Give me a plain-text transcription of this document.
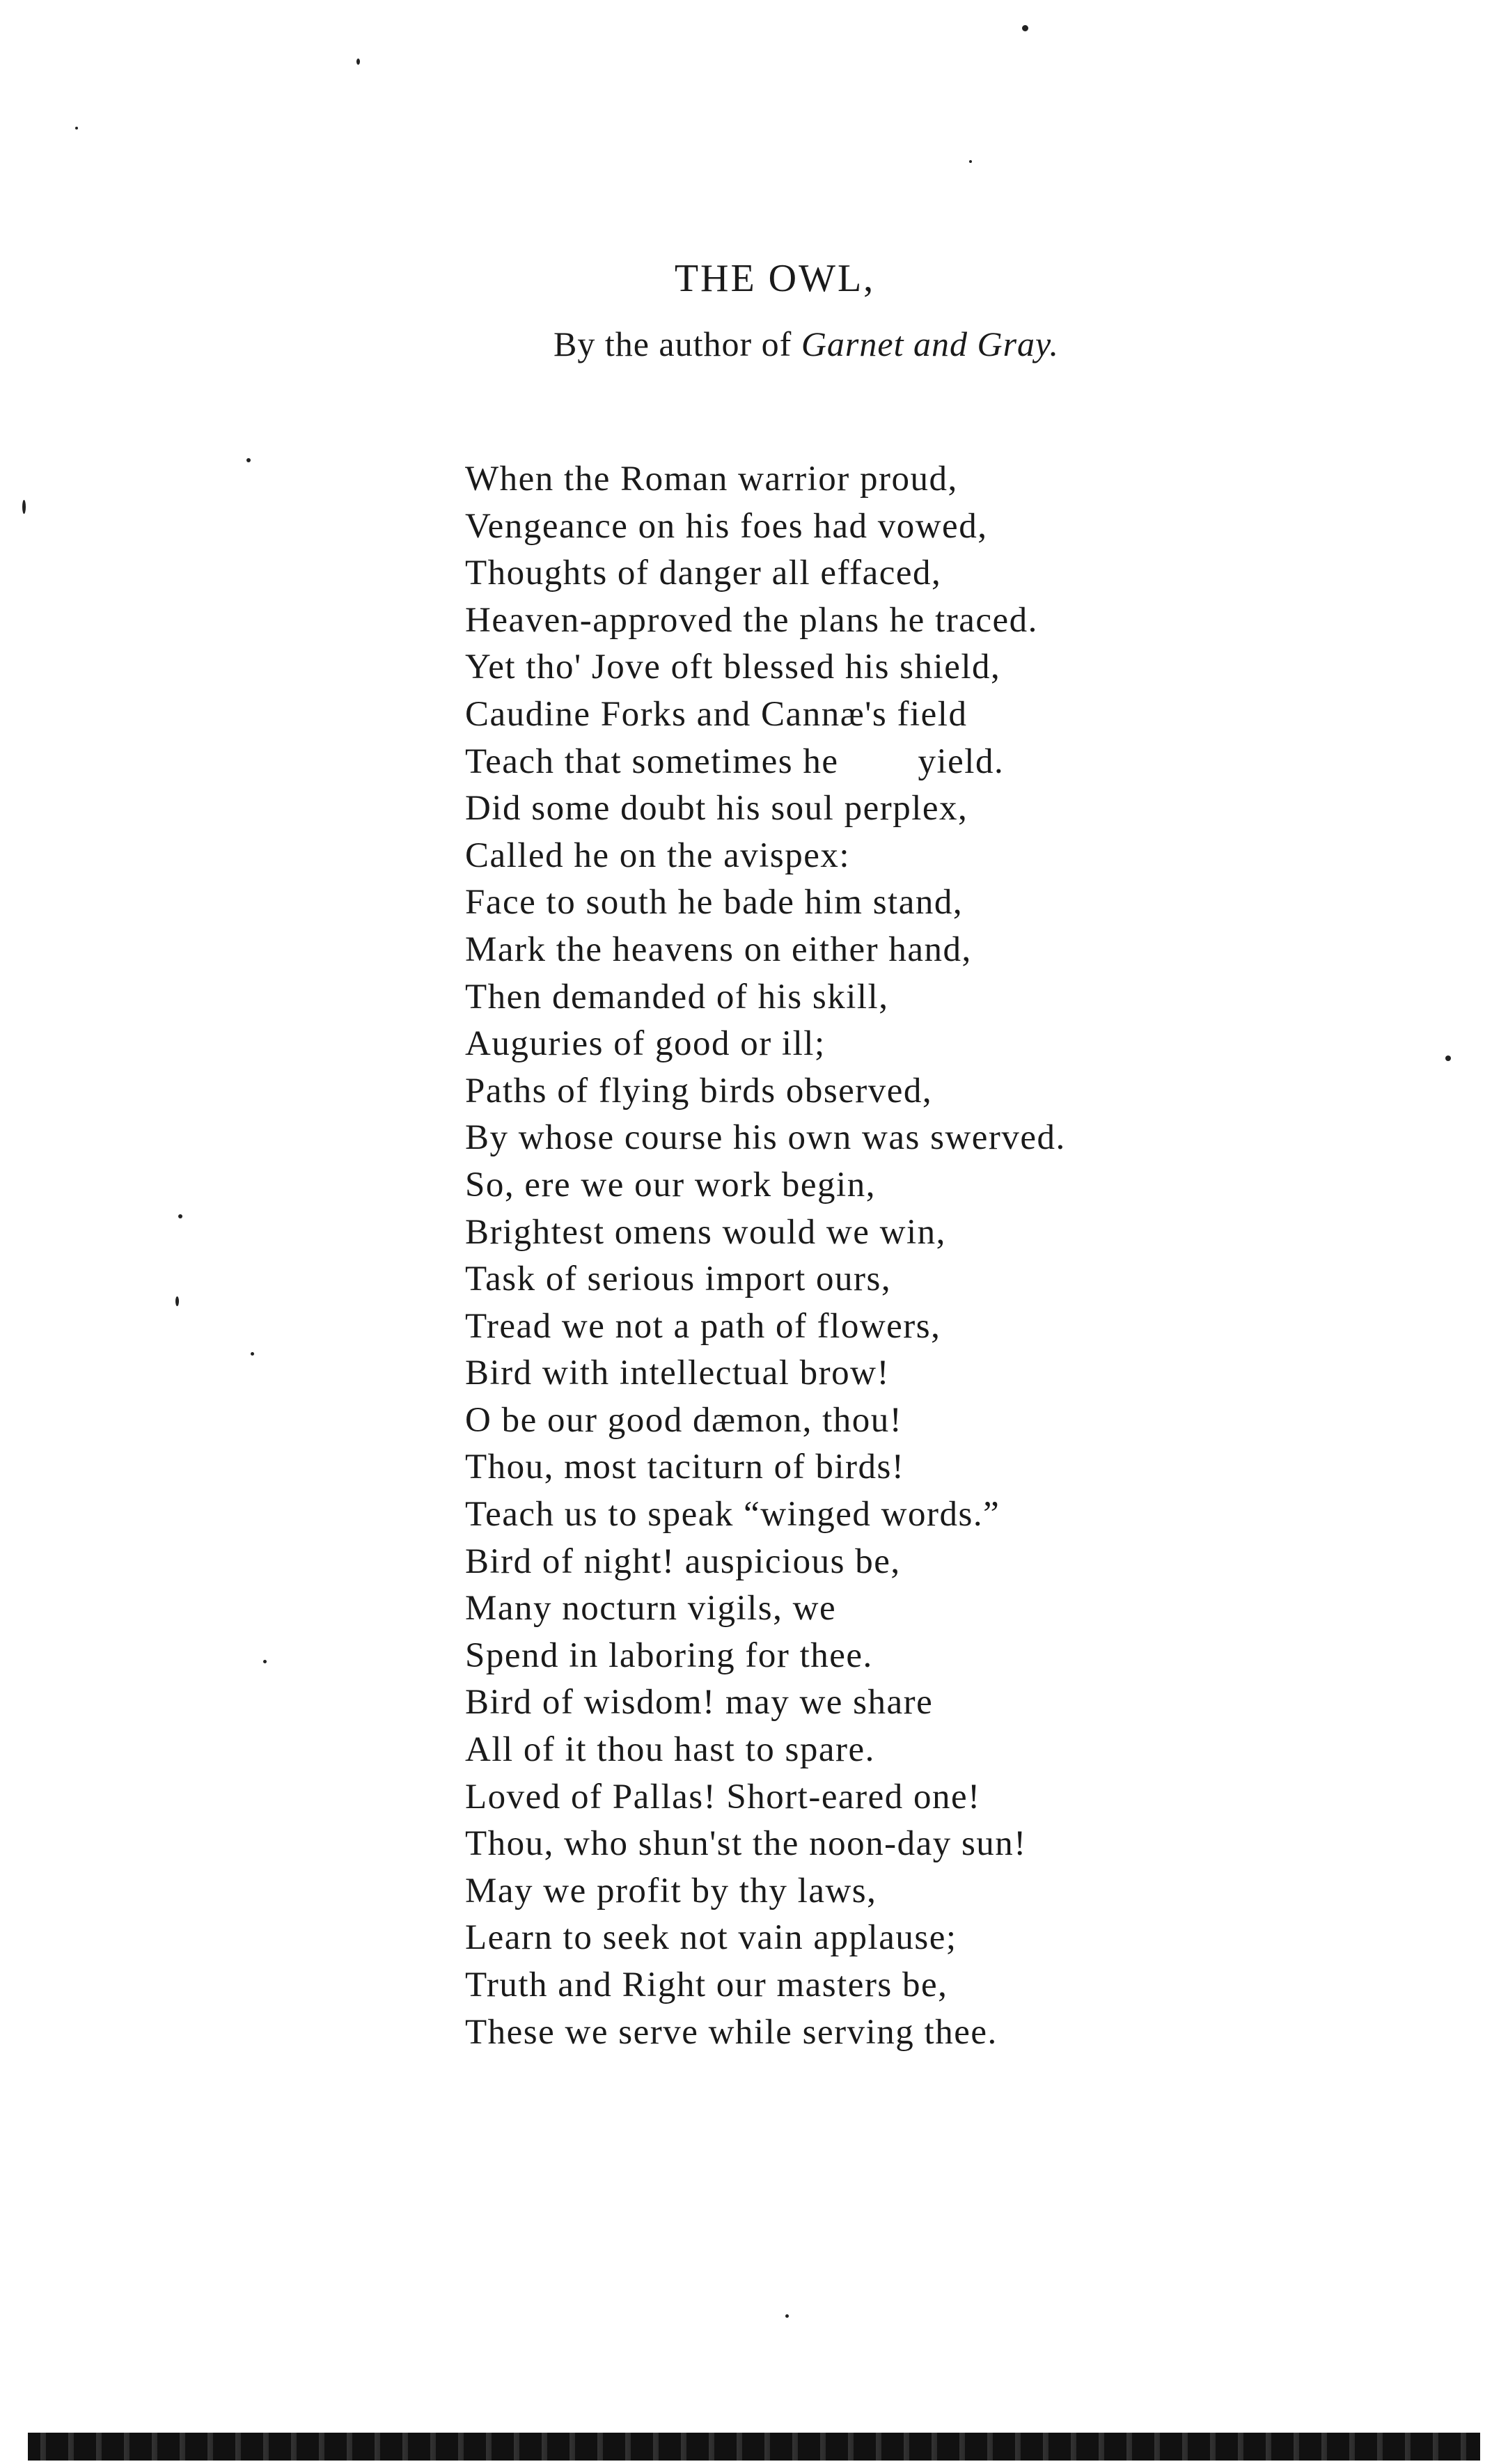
THE OWL,
By the author of Garnet and Gray.
When the Roman warrior proud,
Vengeance on his foes had vowed,
Thoughts of danger all effaced,
Heaven-approved the plans he traced.
Yet tho' Jove oft blessed his shield,
Caudine Forks and Cannæ's field
Teach that sometimes he        yield.
Did some doubt his soul perplex,
Called he on the avispex:
Face to south he bade him stand,
Mark the heavens on either hand,
Then demanded of his skill,
Auguries of good or ill;
Paths of flying birds observed,
By whose course his own was swerved.
So, ere we our work begin,
Brightest omens would we win,
Task of serious import ours,
Tread we not a path of flowers,
Bird with intellectual brow!
O be our good dæmon, thou!
Thou, most taciturn of birds!
Teach us to speak “winged words.”
Bird of night! auspicious be,
Many nocturn vigils, we
Spend in laboring for thee.
Bird of wisdom! may we share
All of it thou hast to spare.
Loved of Pallas! Short-eared one!
Thou, who shun'st the noon-day sun!
May we profit by thy laws,
Learn to seek not vain applause;
Truth and Right our masters be,
These we serve while serving thee.
